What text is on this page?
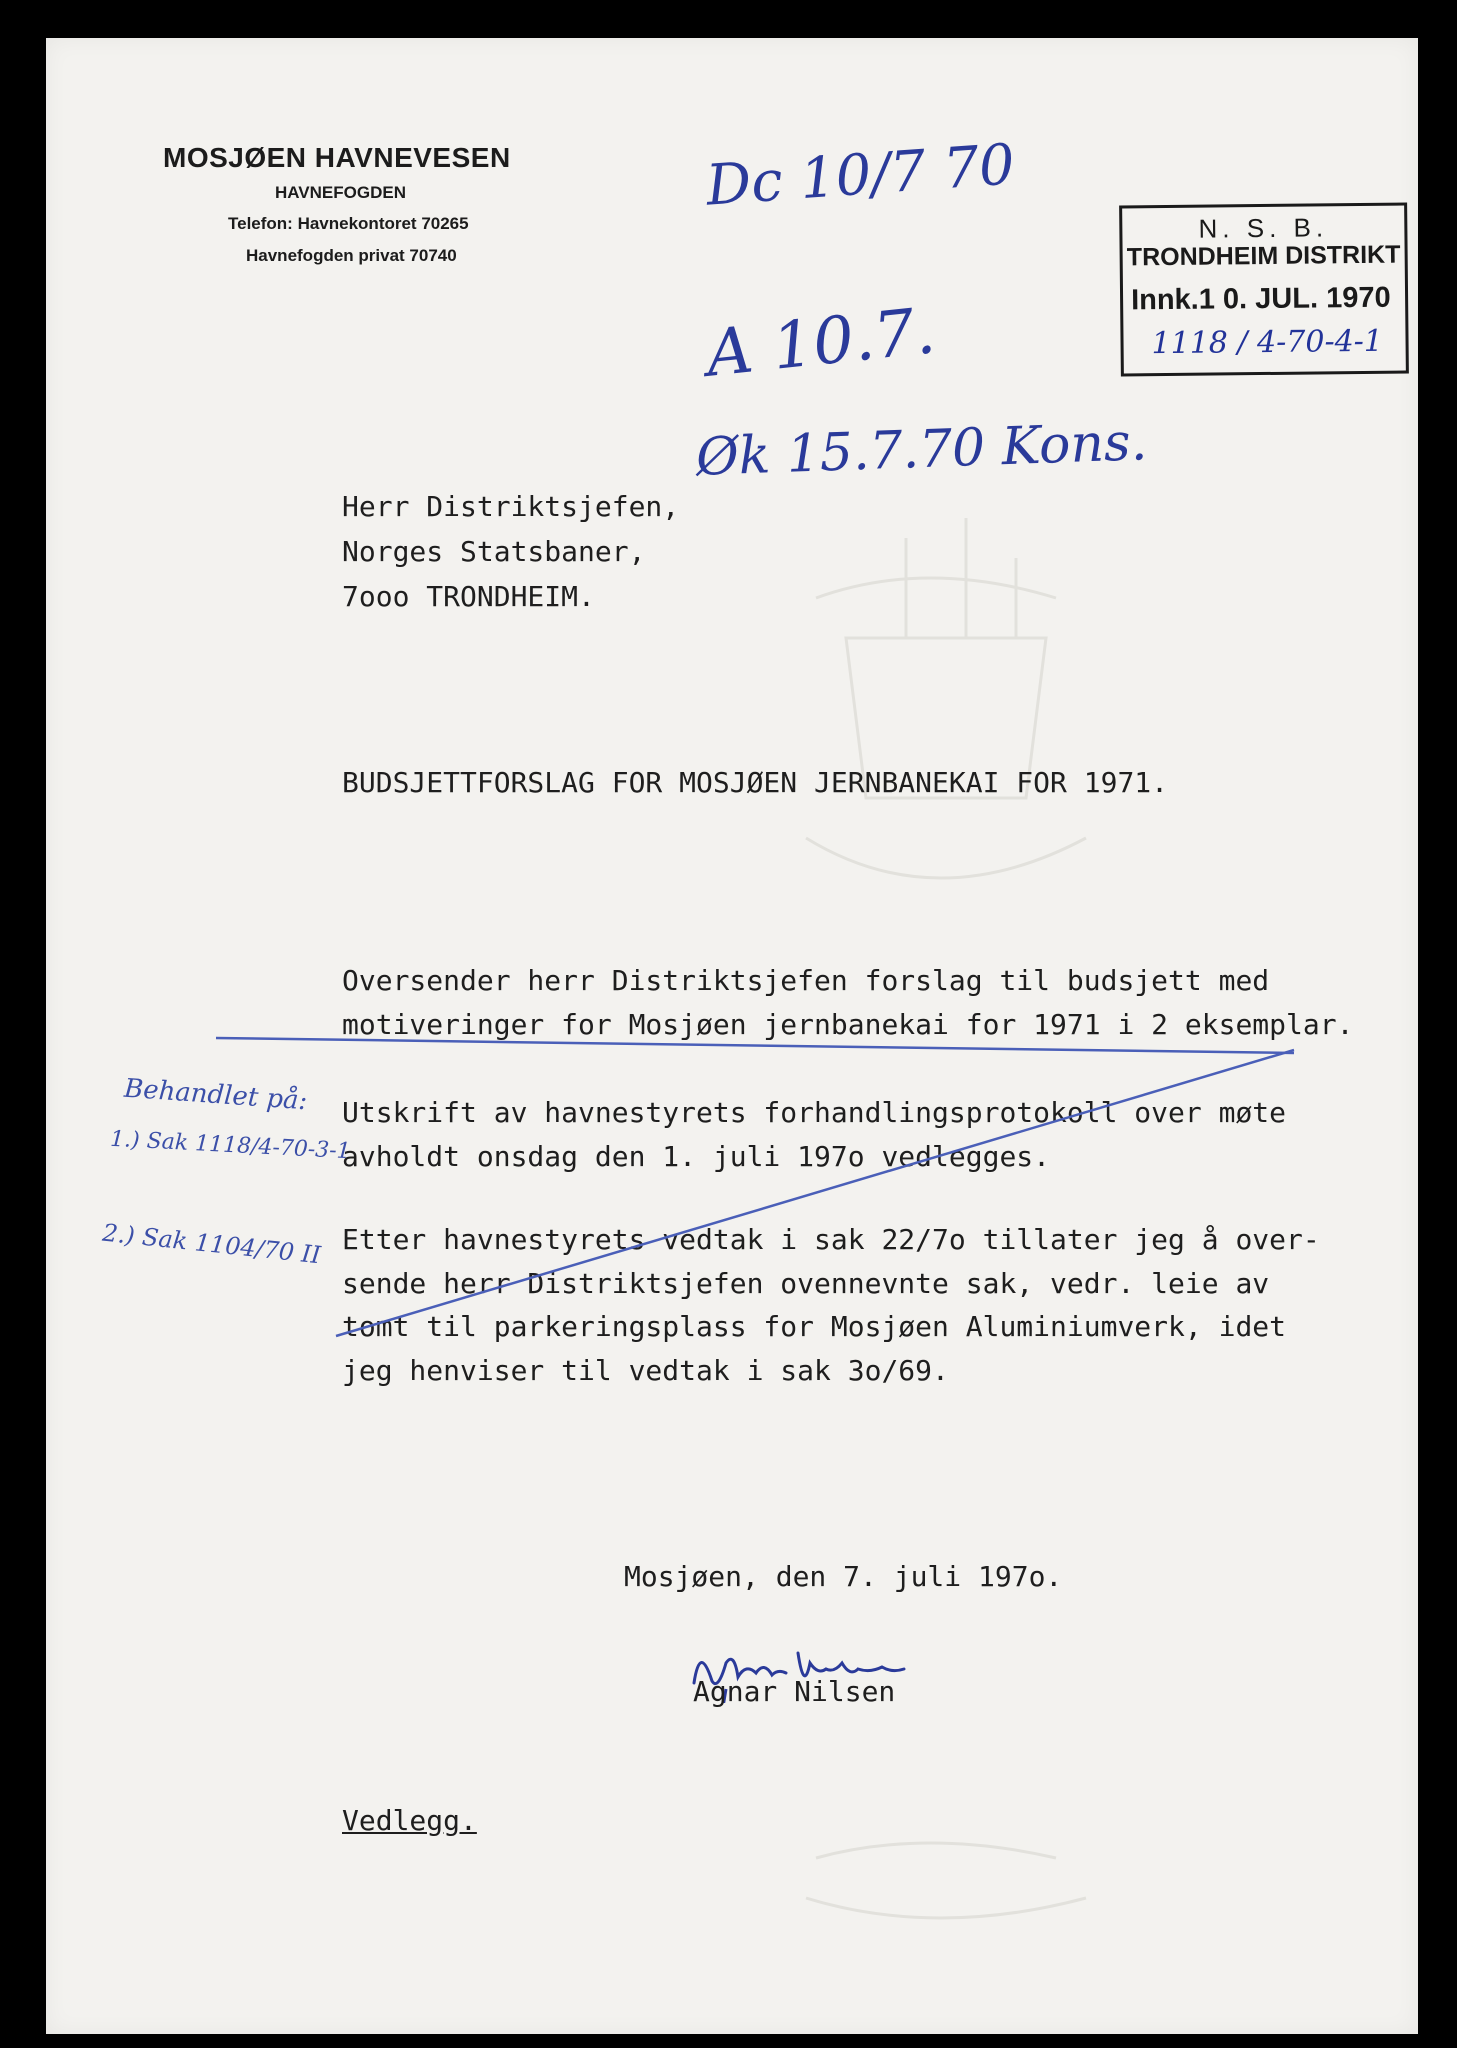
MOSJØEN HAVNEVESEN
HAVNEFOGDEN
Telefon: Havnekontoret 70265
Havnefogden privat 70740
Dc 10/7 70
A 10.7.
Øk 15.7.70 Kons.
N. S. B.
TRONDHEIM DISTRIKT
Innk.1 0. JUL. 1970
1118 / 4-70-4-1
Herr Distriktsjefen,
Norges Statsbaner,
7ooo TRONDHEIM.
BUDSJETTFORSLAG FOR MOSJØEN JERNBANEKAI FOR 1971.
Oversender herr Distriktsjefen forslag til budsjett med
motiveringer for Mosjøen jernbanekai for 1971 i 2 eksemplar.
Utskrift av havnestyrets forhandlingsprotokoll over møte
avholdt onsdag den 1. juli 197o vedlegges.
Etter havnestyrets vedtak i sak 22/7o tillater jeg å over-
sende herr Distriktsjefen ovennevnte sak, vedr. leie av
tomt til parkeringsplass for Mosjøen Aluminiumverk, idet
jeg henviser til vedtak i sak 3o/69.
Behandlet på:
1.) Sak 1118/4-70-3-1
2.) Sak 1104/70 II
Mosjøen, den 7. juli 197o.
Agnar Nilsen
Vedlegg.
